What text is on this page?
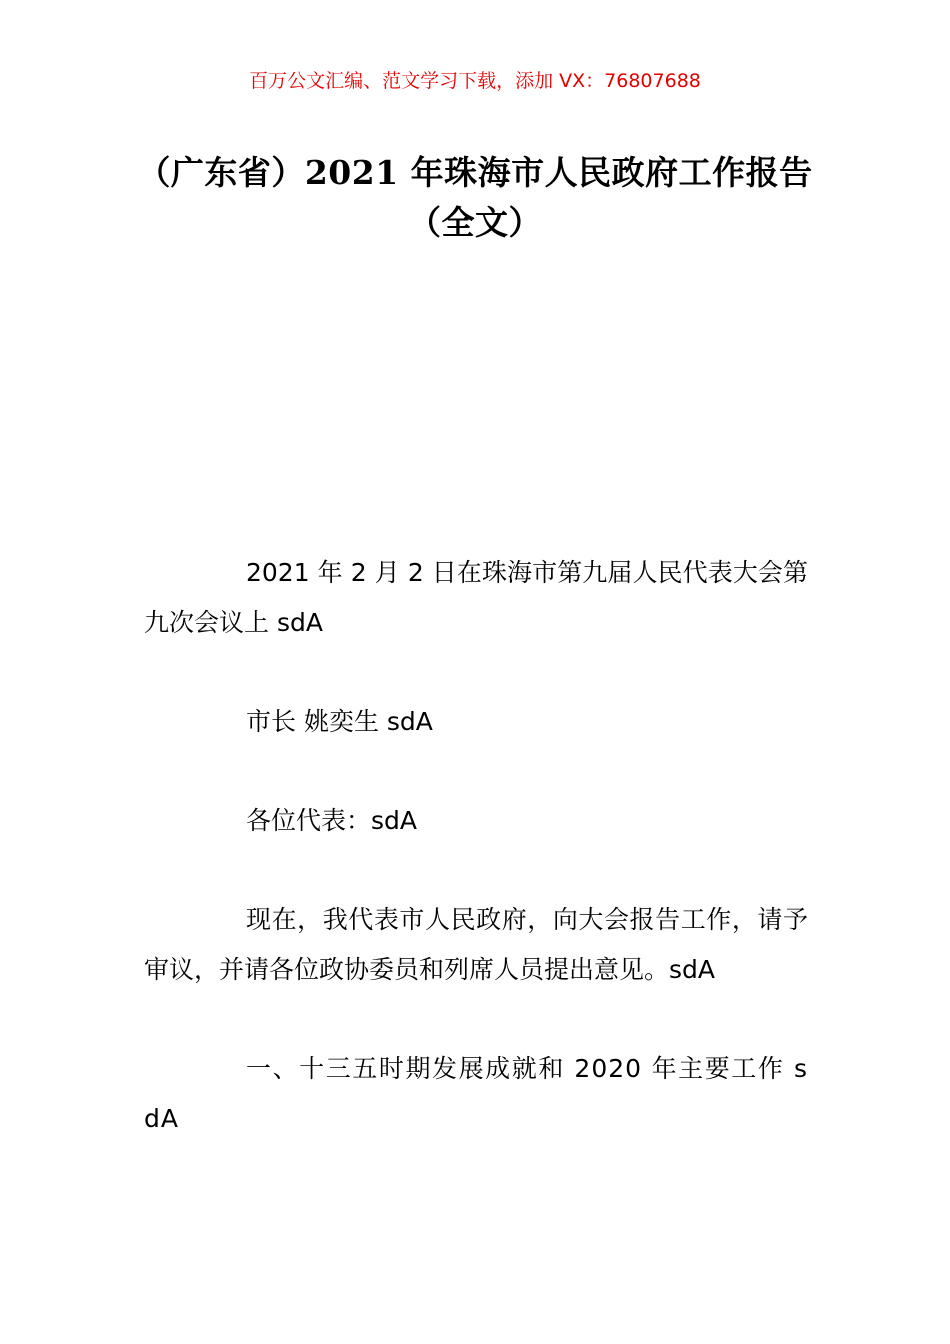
百万公文汇编、范文学习下载，添加 VX：76807688
（广东省）2021 年珠海市人民政府工作报告（全文）

2021 年 2 月 2 日在珠海市第九届人民代表大会第九次会议上 sdA

市长 姚奕生 sdA

各位代表：sdA

现在，我代表市人民政府，向大会报告工作，请予审议，并请各位政协委员和列席人员提出意见。sdA

一、十三五时期发展成就和 2020 年主要工作 sdA
